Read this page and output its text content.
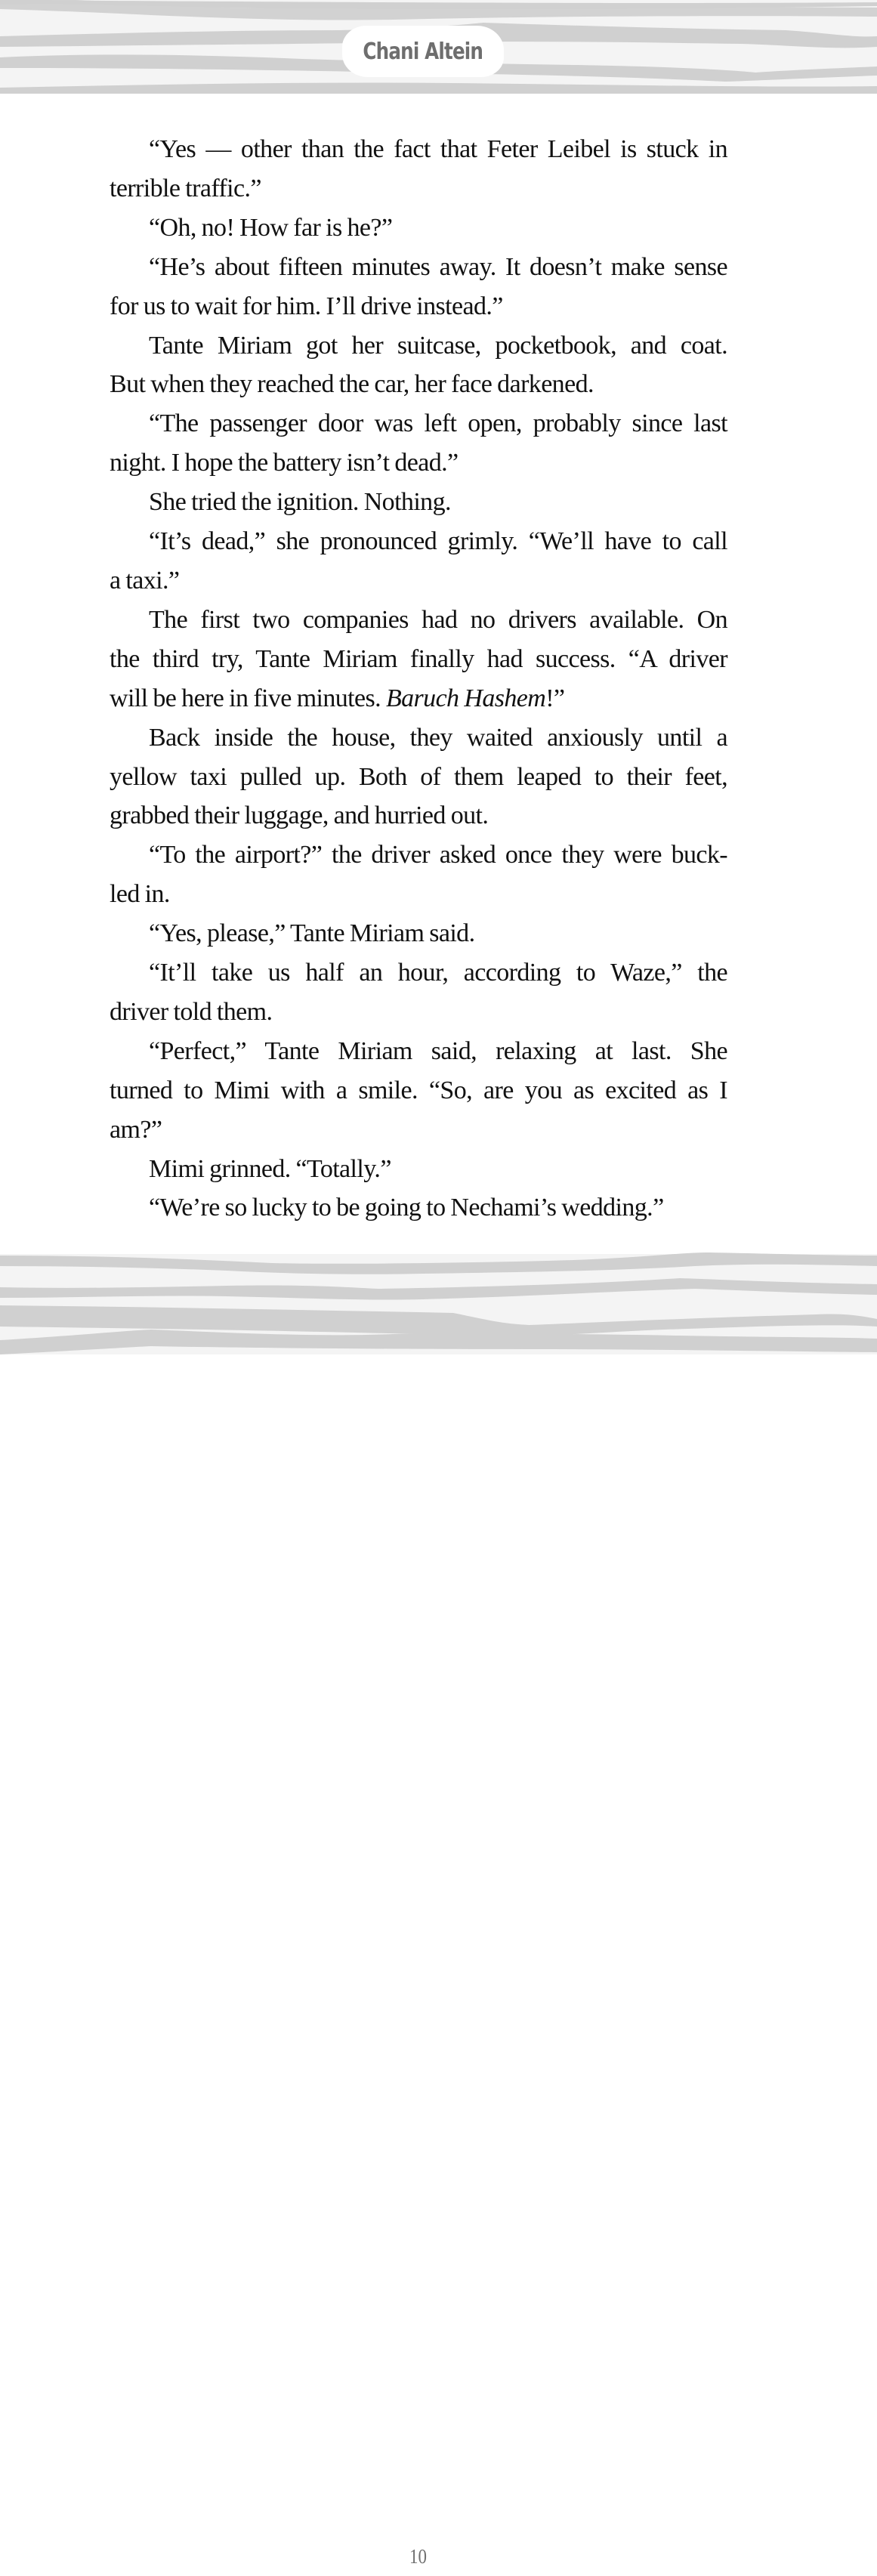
Chani Altein

“Yes — other than the fact that Feter Leibel is stuck in
terrible traffic.”

“Oh, no! How far is he?”

“He’s about fifteen minutes away. It doesn’t make sense
for us to wait for him. I’ll drive instead.”

Tante Miriam got her suitcase, pocketbook, and coat.
But when they reached the car, her face darkened.

“The passenger door was left open, probably since last
night. I hope the battery isn’t dead.”

She tried the ignition. Nothing.

“It’s dead,” she pronounced grimly. “We’ll have to call
a taxi.”

The first two companies had no drivers available. On
the third try, Tante Miriam finally had success. “A driver
will be here in five minutes. Baruch Hashem!”

Back inside the house, they waited anxiously until a
yellow taxi pulled up. Both of them leaped to their feet,
grabbed their luggage, and hurried out.

“To the airport?” the driver asked once they were buck-
led in.

“Yes, please,” Tante Miriam said.

“It’ll take us half an hour, according to Waze,” the
driver told them.

“Perfect,” Tante Miriam said, relaxing at last. She
turned to Mimi with a smile. “So, are you as excited as I
am?”

Mimi grinned. “Totally.”

“We’re so lucky to be going to Nechami’s wedding.”

10
